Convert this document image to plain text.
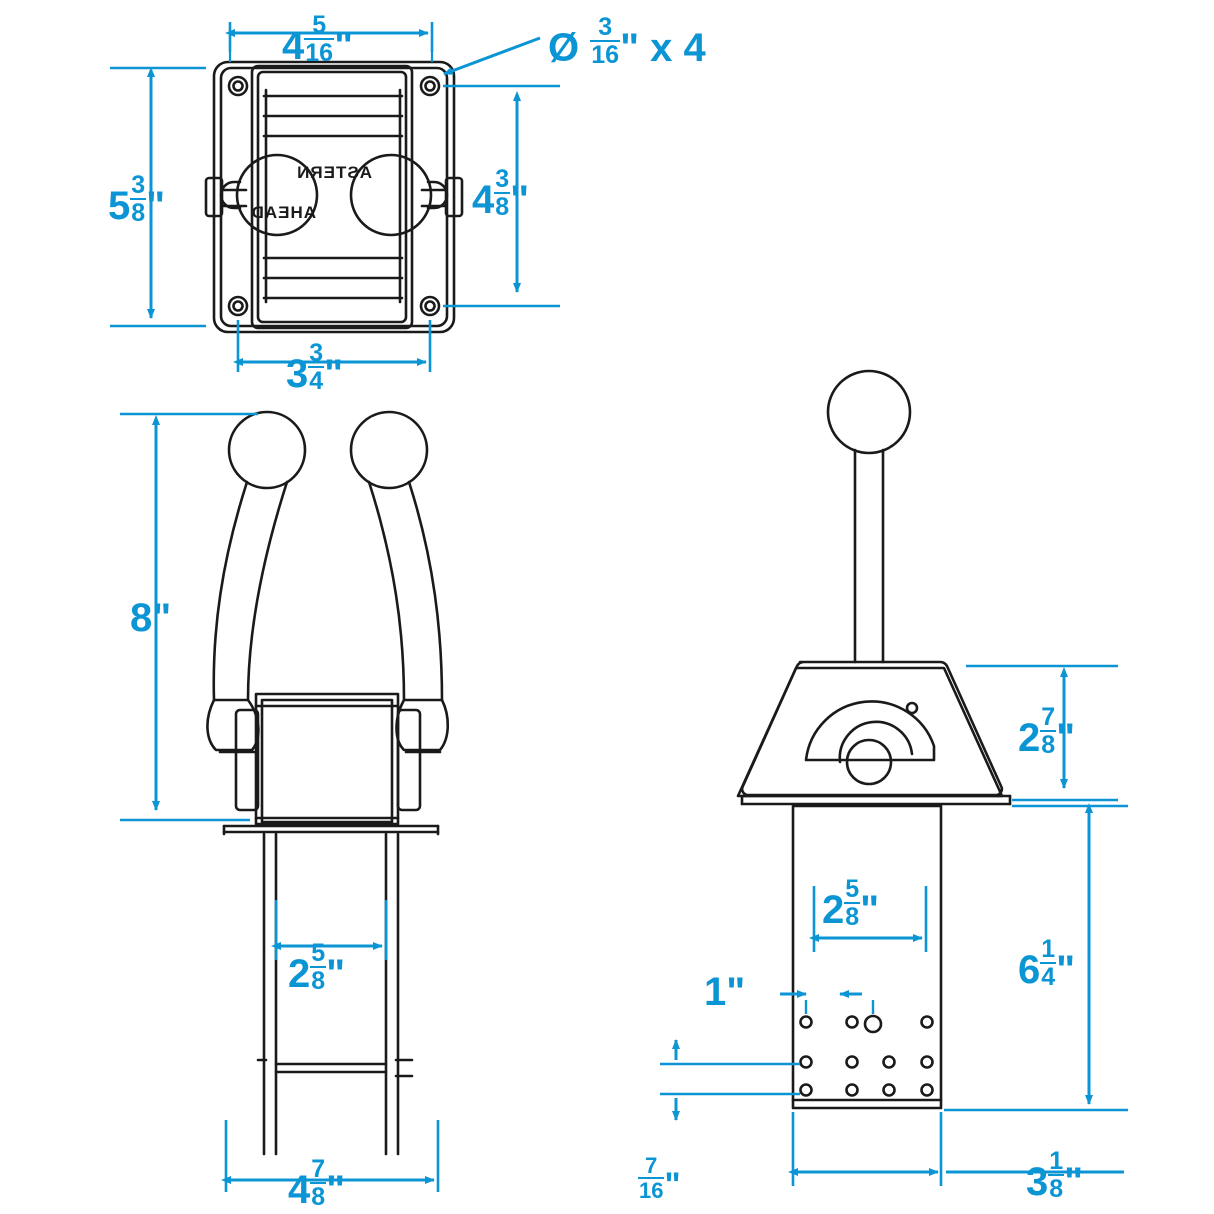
ASTERN
AHEAD
$4 \frac{5}{16}$ "	Ø $\frac{3}{16}$ " x 4
$5 \frac{3}{8}$ "	$4 \frac{3}{8}$ "
$3 \frac{3}{4}$ "
8"
$2 \frac{5}{8}$ "
$4 \frac{7}{8}$ "
$2 \frac{7}{8}$ "
$6 \frac{1}{4}$ "
$2 \frac{5}{8}$ "
1"
$\frac{7}{16}$ "	$3 \frac{1}{8}$ "
